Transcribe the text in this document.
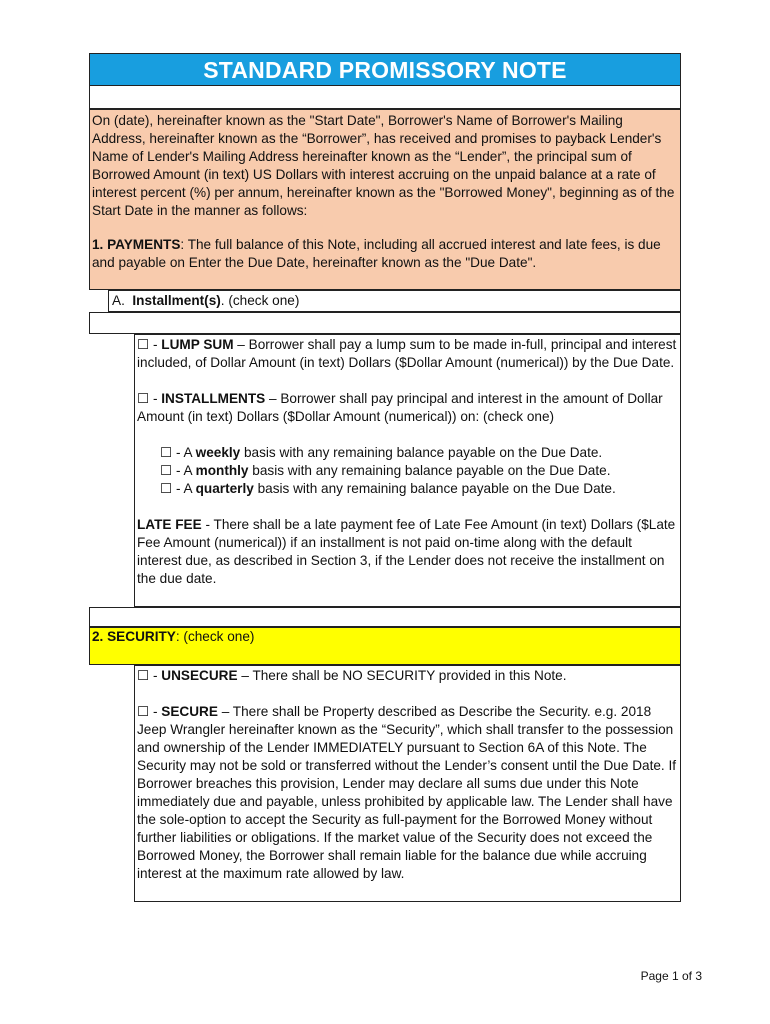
STANDARD PROMISSORY NOTE

On (date), hereinafter known as the "Start Date", Borrower's Name of Borrower's Mailing Address, hereinafter known as the “Borrower”, has received and promises to payback Lender's Name of Lender's Mailing Address hereinafter known as the “Lender”, the principal sum of Borrowed Amount (in text) US Dollars with interest accruing on the unpaid balance at a rate of interest percent (%) per annum, hereinafter known as the "Borrowed Money", beginning as of the Start Date in the manner as follows:

1. PAYMENTS: The full balance of this Note, including all accrued interest and late fees, is due and payable on Enter the Due Date, hereinafter known as the "Due Date".

A. Installment(s). (check one)

☐ - LUMP SUM – Borrower shall pay a lump sum to be made in-full, principal and interest included, of Dollar Amount (in text) Dollars ($Dollar Amount (numerical)) by the Due Date.

☐ - INSTALLMENTS – Borrower shall pay principal and interest in the amount of Dollar Amount (in text) Dollars ($Dollar Amount (numerical)) on: (check one)

☐ - A weekly basis with any remaining balance payable on the Due Date.

☐ - A monthly basis with any remaining balance payable on the Due Date.

☐ - A quarterly basis with any remaining balance payable on the Due Date.

LATE FEE - There shall be a late payment fee of Late Fee Amount (in text) Dollars ($Late Fee Amount (numerical)) if an installment is not paid on-time along with the default interest due, as described in Section 3, if the Lender does not receive the installment on the due date.

2. SECURITY: (check one)

☐ - UNSECURE – There shall be NO SECURITY provided in this Note.

☐ - SECURE – There shall be Property described as Describe the Security. e.g. 2018 Jeep Wrangler hereinafter known as the “Security”, which shall transfer to the possession and ownership of the Lender IMMEDIATELY pursuant to Section 6A of this Note. The Security may not be sold or transferred without the Lender’s consent until the Due Date. If Borrower breaches this provision, Lender may declare all sums due under this Note immediately due and payable, unless prohibited by applicable law. The Lender shall have the sole-option to accept the Security as full-payment for the Borrowed Money without further liabilities or obligations. If the market value of the Security does not exceed the Borrowed Money, the Borrower shall remain liable for the balance due while accruing interest at the maximum rate allowed by law.

Page 1 of 3
